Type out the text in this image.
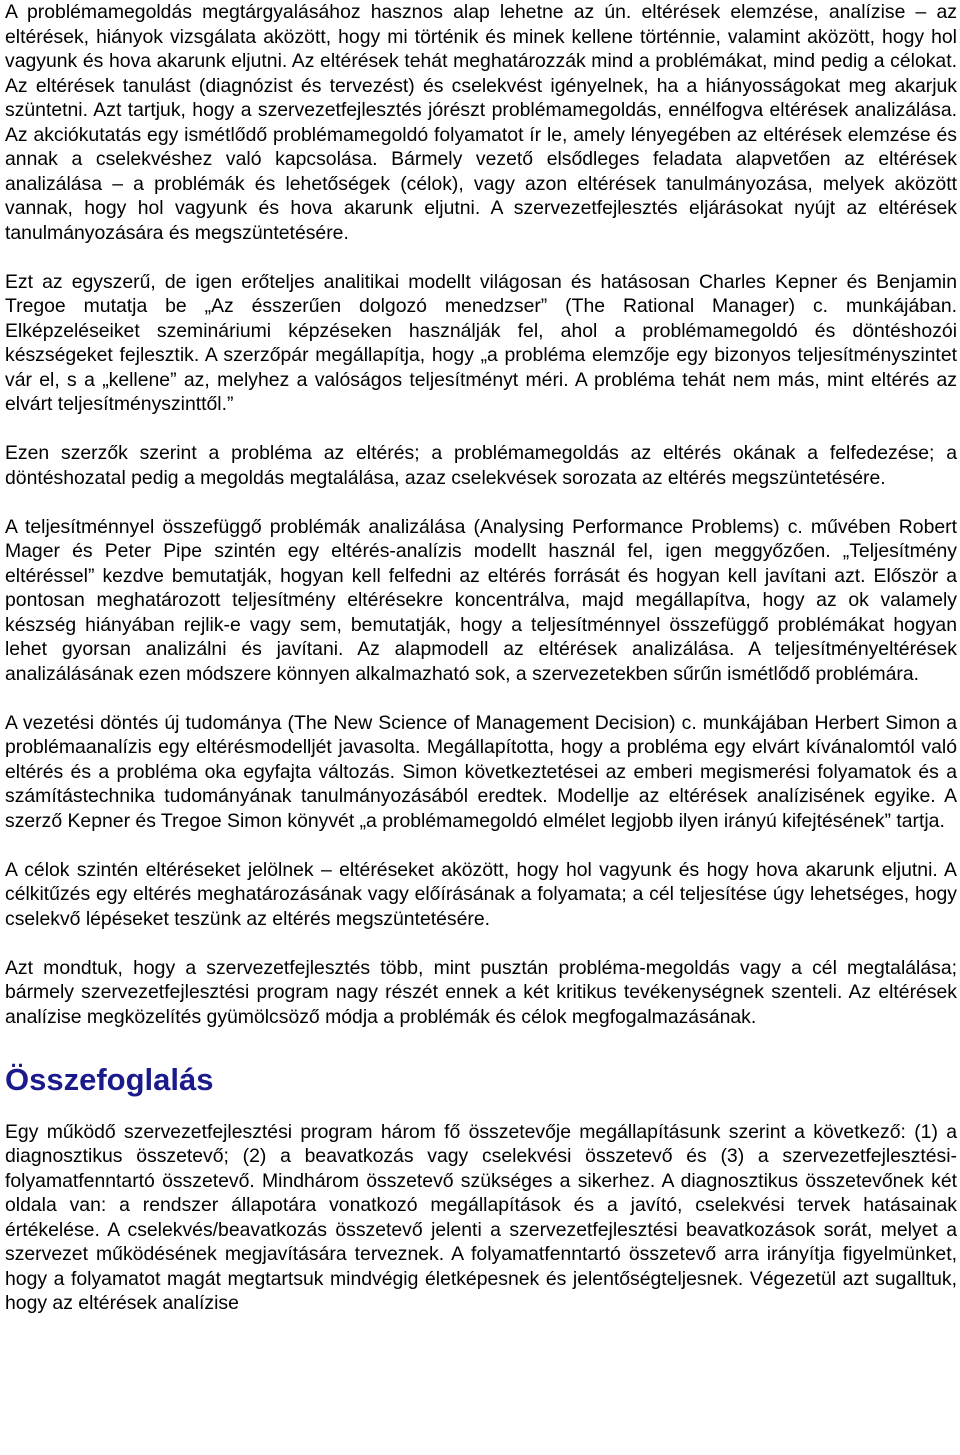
A problémamegoldás megtárgyalásához hasznos alap lehetne az ún. eltérések elemzése, analízise – az eltérések, hiányok vizsgálata aközött, hogy mi történik és minek kellene történnie, valamint aközött, hogy hol vagyunk és hova akarunk eljutni. Az eltérések tehát meghatározzák mind a problémákat, mind pedig a célokat. Az eltérések tanulást (diagnózist és tervezést) és cselekvést igényelnek, ha a hiányosságokat meg akarjuk szüntetni. Azt tartjuk, hogy a szervezetfejlesztés jórészt problémamegoldás, ennélfogva eltérések analizálása. Az akciókutatás egy ismétlődő problémamegoldó folyamatot ír le, amely lényegében az eltérések elemzése és annak a cselekvéshez való kapcsolása. Bármely vezető elsődleges feladata alapvetően az eltérések analizálása – a problémák és lehetőségek (célok), vagy azon eltérések tanulmányozása, melyek aközött vannak, hogy hol vagyunk és hova akarunk eljutni. A szervezetfejlesztés eljárásokat nyújt az eltérések tanulmányozására és megszüntetésére.

Ezt az egyszerű, de igen erőteljes analitikai modellt világosan és hatásosan Charles Kepner és Benjamin Tregoe mutatja be „Az ésszerűen dolgozó menedzser” (The Rational Manager) c. munkájában. Elképzeléseiket szemináriumi képzéseken használják fel, ahol a problémamegoldó és döntéshozói készségeket fejlesztik. A szerzőpár megállapítja, hogy „a probléma elemzője egy bizonyos teljesítményszintet vár el, s a „kellene” az, melyhez a valóságos teljesítményt méri. A probléma tehát nem más, mint eltérés az elvárt teljesítményszinttől.”

Ezen szerzők szerint a probléma az eltérés; a problémamegoldás az eltérés okának a felfedezése; a döntéshozatal pedig a megoldás megtalálása, azaz cselekvések sorozata az eltérés megszüntetésére.

A teljesítménnyel összefüggő problémák analizálása (Analysing Performance Problems) c. művében Robert Mager és Peter Pipe szintén egy eltérés-analízis modellt használ fel, igen meggyőzően. „Teljesítmény eltéréssel” kezdve bemutatják, hogyan kell felfedni az eltérés forrását és hogyan kell javítani azt. Először a pontosan meghatározott teljesítmény eltérésekre koncentrálva, majd megállapítva, hogy az ok valamely készség hiányában rejlik-e vagy sem, bemutatják, hogy a teljesítménnyel összefüggő problémákat hogyan lehet gyorsan analizálni és javítani. Az alapmodell az eltérések analizálása. A teljesítményeltérések analizálásának ezen módszere könnyen alkalmazható sok, a szervezetekben sűrűn ismétlődő problémára.

A vezetési döntés új tudománya (The New Science of Management Decision) c. munkájában Herbert Simon a problémaanalízis egy eltérésmodelljét javasolta. Megállapította, hogy a probléma egy elvárt kívánalomtól való eltérés és a probléma oka egyfajta változás. Simon következtetései az emberi megismerési folyamatok és a számítástechnika tudományának tanulmányozásából eredtek. Modellje az eltérések analízisének egyike. A szerző Kepner és Tregoe Simon könyvét „a problémamegoldó elmélet legjobb ilyen irányú kifejtésének” tartja.

A célok szintén eltéréseket jelölnek – eltéréseket aközött, hogy hol vagyunk és hogy hova akarunk eljutni. A célkitűzés egy eltérés meghatározásának vagy előírásának a folyamata; a cél teljesítése úgy lehetséges, hogy cselekvő lépéseket teszünk az eltérés megszüntetésére.

Azt mondtuk, hogy a szervezetfejlesztés több, mint pusztán probléma-megoldás vagy a cél megtalálása; bármely szervezetfejlesztési program nagy részét ennek a két kritikus tevékenységnek szenteli. Az eltérések analízise megközelítés gyümölcsöző módja a problémák és célok megfogalmazásának.

Összefoglalás

Egy működő szervezetfejlesztési program három fő összetevője megállapításunk szerint a következő: (1) a diagnosztikus összetevő; (2) a beavatkozás vagy cselekvési összetevő és (3) a szervezetfejlesztési-folyamatfenntartó összetevő. Mindhárom összetevő szükséges a sikerhez. A diagnosztikus összetevőnek két oldala van: a rendszer állapotára vonatkozó megállapítások és a javító, cselekvési tervek hatásainak értékelése. A cselekvés/beavatkozás összetevő jelenti a szervezetfejlesztési beavatkozások sorát, melyet a szervezet működésének megjavítására terveznek. A folyamatfenntartó összetevő arra irányítja figyelmünket, hogy a folyamatot magát megtartsuk mindvégig életképesnek és jelentőségteljesnek. Végezetül azt sugalltuk, hogy az eltérések analízise
